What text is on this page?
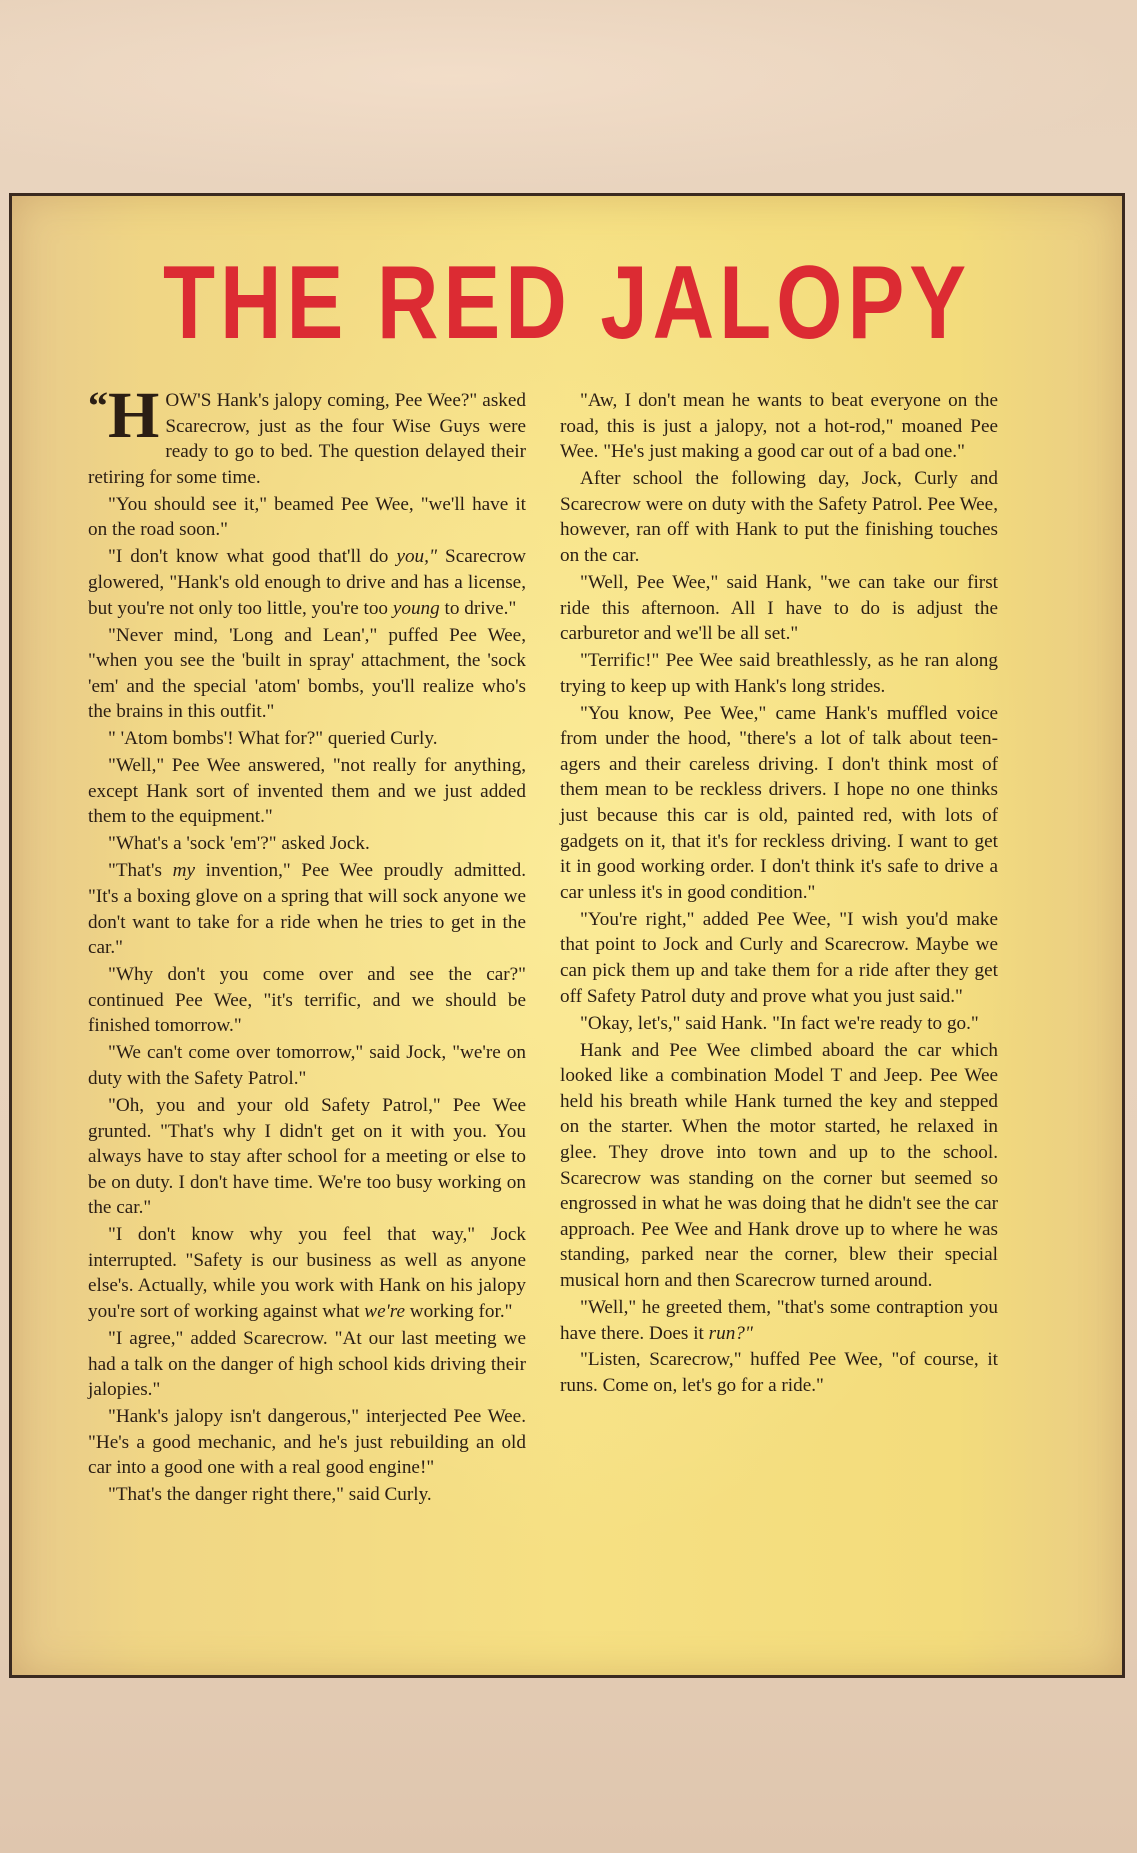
THE RED JALOPY

“H OW'S Hank's jalopy coming, Pee Wee?" asked Scarecrow, just as the four Wise Guys were ready to go to bed. The question delayed their retiring for some time.

"You should see it," beamed Pee Wee, "we'll have it on the road soon."

"I don't know what good that'll do you," Scarecrow glowered, "Hank's old enough to drive and has a license, but you're not only too little, you're too young to drive."

"Never mind, 'Long and Lean'," puffed Pee Wee, "when you see the 'built in spray' attachment, the 'sock 'em' and the special 'atom' bombs, you'll realize who's the brains in this outfit."

" 'Atom bombs'! What for?" queried Curly.

"Well," Pee Wee answered, "not really for anything, except Hank sort of invented them and we just added them to the equipment."

"What's a 'sock 'em'?" asked Jock.

"That's my invention," Pee Wee proudly admitted. "It's a boxing glove on a spring that will sock anyone we don't want to take for a ride when he tries to get in the car."

"Why don't you come over and see the car?" continued Pee Wee, "it's terrific, and we should be finished tomorrow."

"We can't come over tomorrow," said Jock, "we're on duty with the Safety Patrol."

"Oh, you and your old Safety Patrol," Pee Wee grunted. "That's why I didn't get on it with you. You always have to stay after school for a meeting or else to be on duty. I don't have time. We're too busy working on the car."

"I don't know why you feel that way," Jock interrupted. "Safety is our business as well as anyone else's. Actually, while you work with Hank on his jalopy you're sort of working against what we're working for."

"I agree," added Scarecrow. "At our last meeting we had a talk on the danger of high school kids driving their jalopies."

"Hank's jalopy isn't dangerous," interjected Pee Wee. "He's a good mechanic, and he's just rebuilding an old car into a good one with a real good engine!"

"That's the danger right there," said Curly.

"Aw, I don't mean he wants to beat everyone on the road, this is just a jalopy, not a hot-rod," moaned Pee Wee. "He's just making a good car out of a bad one."

After school the following day, Jock, Curly and Scarecrow were on duty with the Safety Patrol. Pee Wee, however, ran off with Hank to put the finishing touches on the car.

"Well, Pee Wee," said Hank, "we can take our first ride this afternoon. All I have to do is adjust the carburetor and we'll be all set."

"Terrific!" Pee Wee said breathlessly, as he ran along trying to keep up with Hank's long strides.

"You know, Pee Wee," came Hank's muffled voice from under the hood, "there's a lot of talk about teen-agers and their careless driving. I don't think most of them mean to be reckless drivers. I hope no one thinks just because this car is old, painted red, with lots of gadgets on it, that it's for reckless driving. I want to get it in good working order. I don't think it's safe to drive a car unless it's in good condition."

"You're right," added Pee Wee, "I wish you'd make that point to Jock and Curly and Scarecrow. Maybe we can pick them up and take them for a ride after they get off Safety Patrol duty and prove what you just said."

"Okay, let's," said Hank. "In fact we're ready to go."

Hank and Pee Wee climbed aboard the car which looked like a combination Model T and Jeep. Pee Wee held his breath while Hank turned the key and stepped on the starter. When the motor started, he relaxed in glee. They drove into town and up to the school. Scarecrow was standing on the corner but seemed so engrossed in what he was doing that he didn't see the car approach. Pee Wee and Hank drove up to where he was standing, parked near the corner, blew their special musical horn and then Scarecrow turned around.

"Well," he greeted them, "that's some contraption you have there. Does it run?"

"Listen, Scarecrow," huffed Pee Wee, "of course, it runs. Come on, let's go for a ride."
